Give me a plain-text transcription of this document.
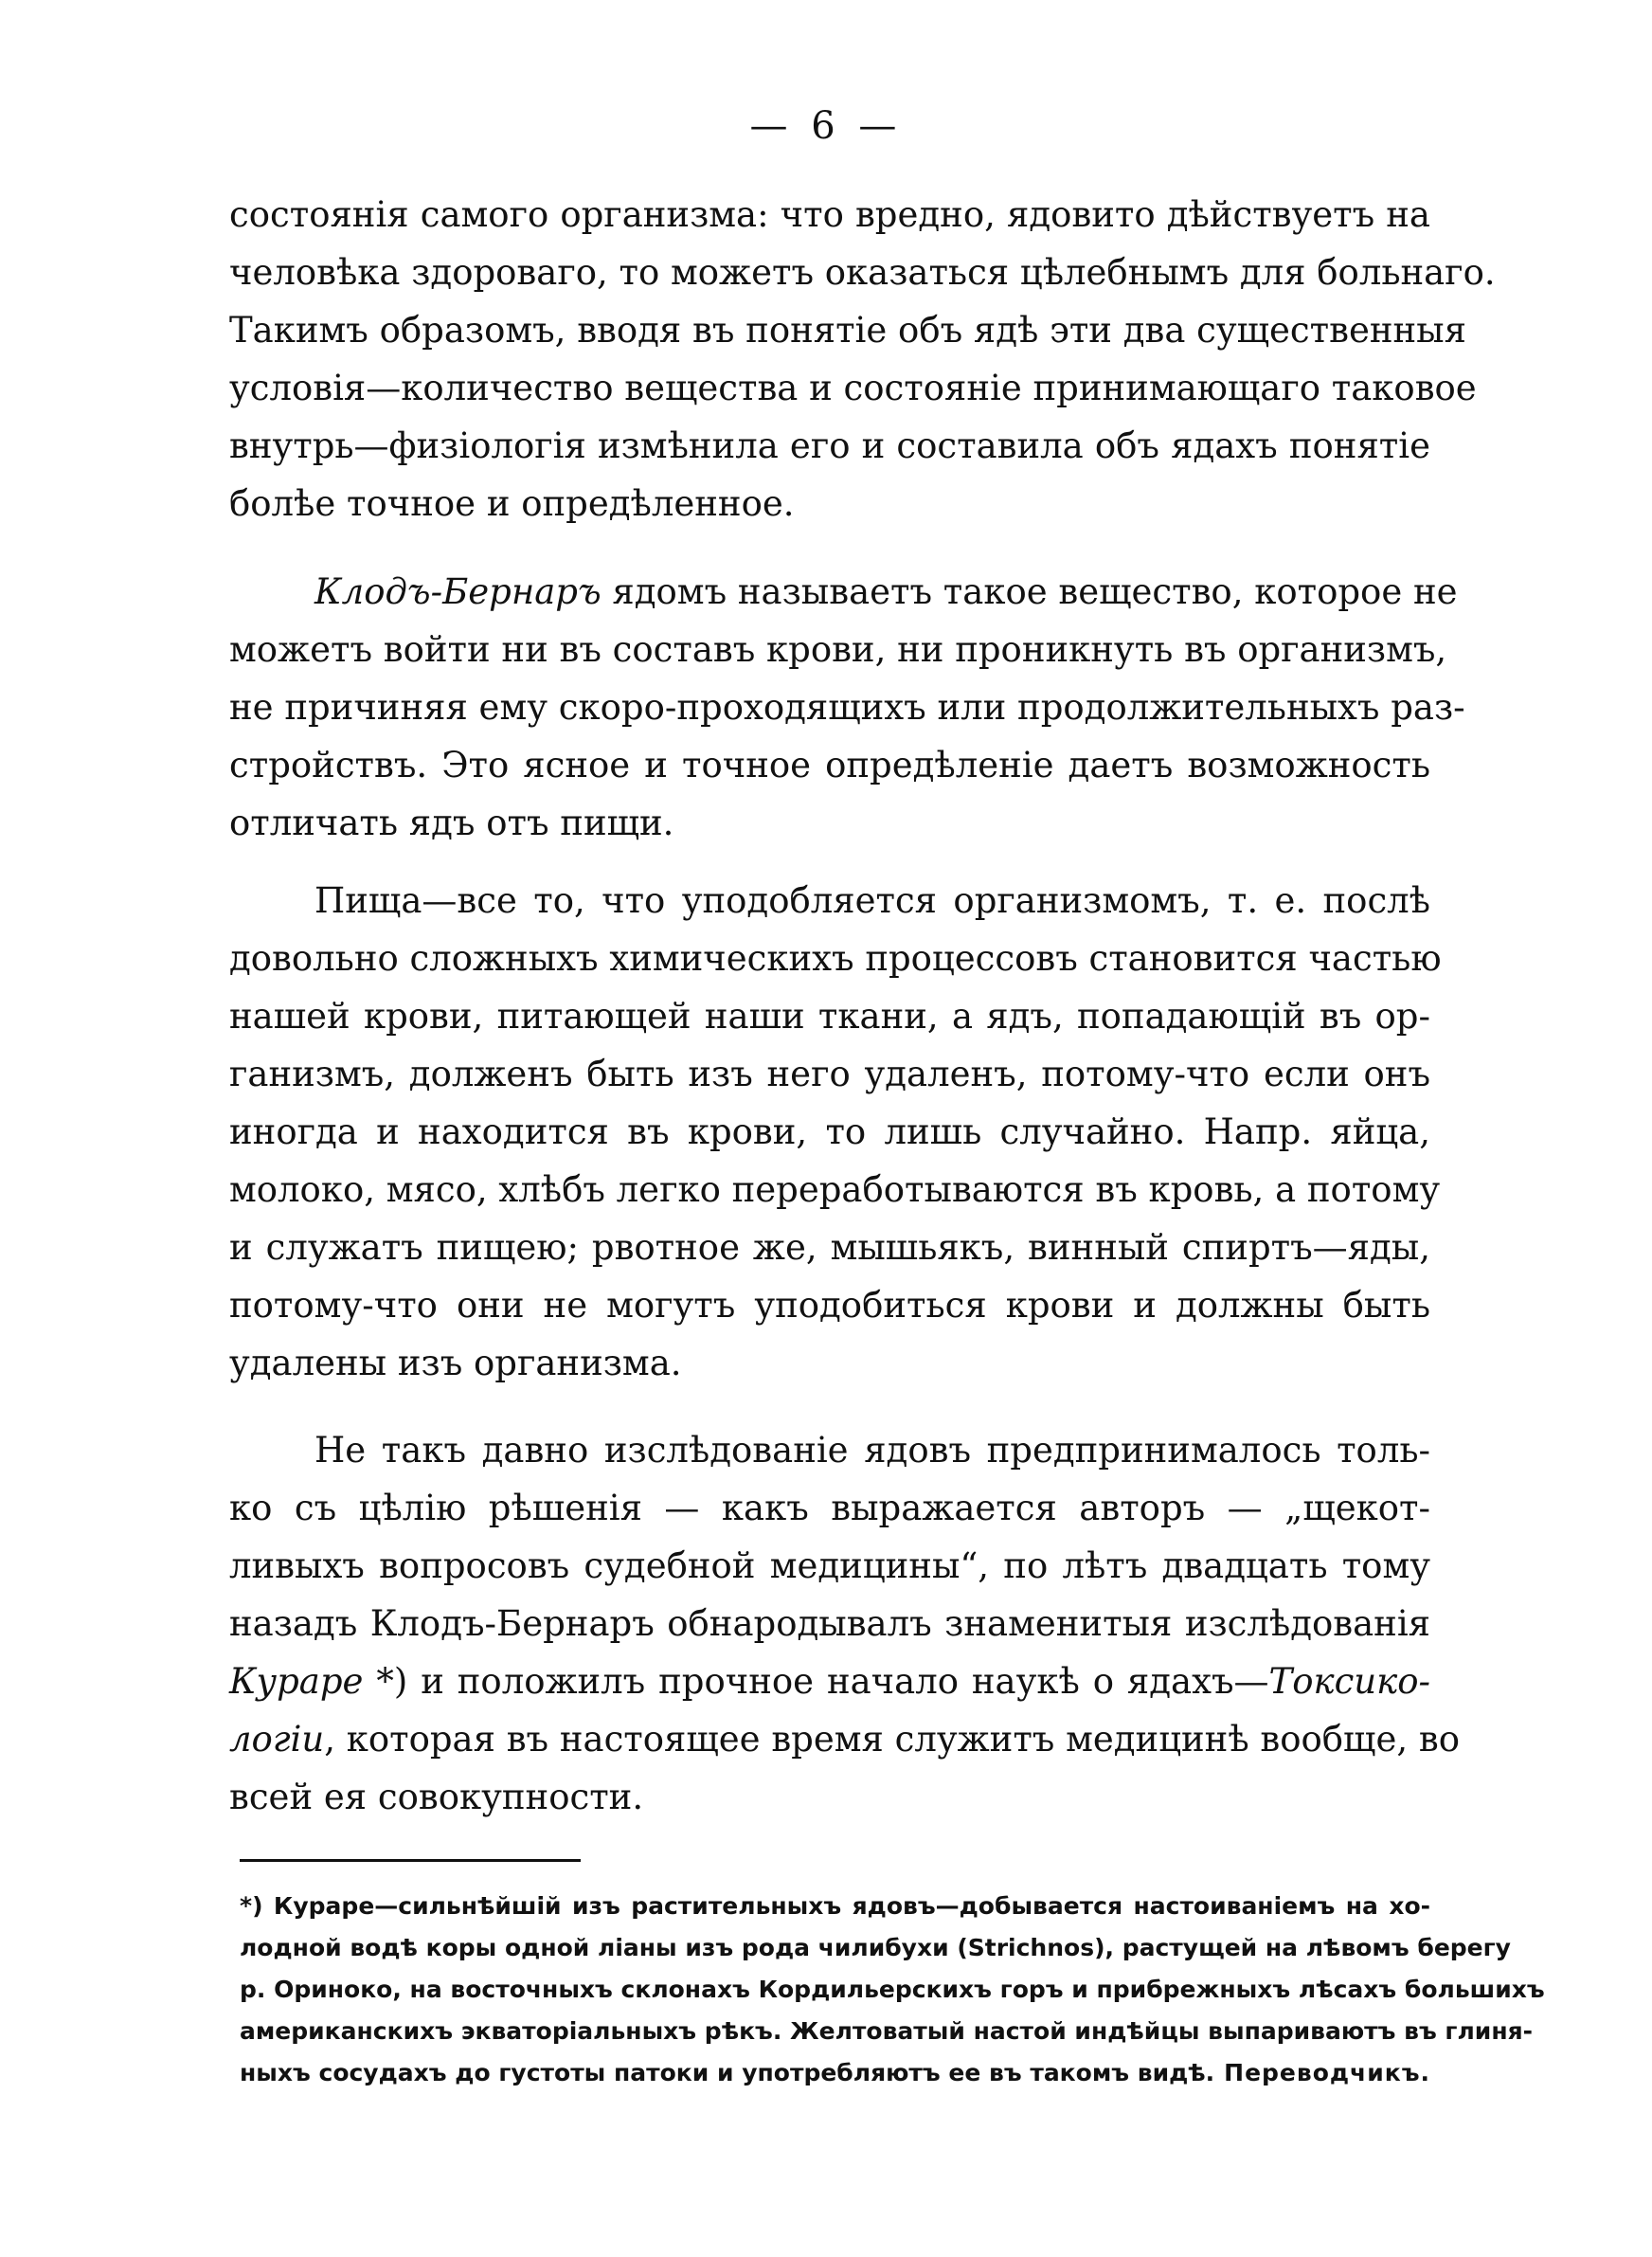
— 6 —

состоянія самого организма: что вредно, ядовито дѣйствуетъ на
человѣка здороваго, то можетъ оказаться цѣлебнымъ для больнаго.
Такимъ образомъ, вводя въ понятіе объ ядѣ эти два существенныя
условія—количество вещества и состояніе принимающаго таковое
внутрь—физіологія измѣнила его и составила объ ядахъ понятіе
болѣе точное и опредѣленное.

Клодъ-Бернаръ ядомъ называетъ такое вещество, которое не
можетъ войти ни въ составъ крови, ни проникнуть въ организмъ,
не причиняя ему скоро-проходящихъ или продолжительныхъ раз-
стройствъ. Это ясное и точное опредѣленіе даетъ возможность
отличать ядъ отъ пищи.

Пища—все то, что уподобляется организмомъ, т. е. послѣ
довольно сложныхъ химическихъ процессовъ становится частью
нашей крови, питающей наши ткани, а ядъ, попадающій въ ор-
ганизмъ, долженъ быть изъ него удаленъ, потому-что если онъ
иногда и находится въ крови, то лишь случайно. Напр. яйца,
молоко, мясо, хлѣбъ легко переработываются въ кровь, а потому
и служатъ пищею; рвотное же, мышьякъ, винный спиртъ—яды,
потому-что они не могутъ уподобиться крови и должны быть
удалены изъ организма.

Не такъ давно изслѣдованіе ядовъ предпринималось толь-
ко съ цѣлію рѣшенія — какъ выражается авторъ — „щекот-
ливыхъ вопросовъ судебной медицины“, по лѣтъ двадцать тому
назадъ Клодъ-Бернаръ обнародывалъ знаменитыя изслѣдованія
Кураре *) и положилъ прочное начало наукѣ о ядахъ—Токсико-
логіи, которая въ настоящее время служитъ медицинѣ вообще, во
всей ея совокупности.

*) Кураре—сильнѣйшій изъ растительныхъ ядовъ—добывается настоиваніемъ на хо-
лодной водѣ коры одной ліаны изъ рода чилибухи (Strichnos), растущей на лѣвомъ берегу
р. Ориноко, на восточныхъ склонахъ Кордильерскихъ горъ и прибрежныхъ лѣсахъ большихъ
американскихъ экваторіальныхъ рѣкъ. Желтоватый настой индѣйцы выпариваютъ въ глиня-
ныхъ сосудахъ до густоты патоки и употребляютъ ее въ такомъ видѣ. Переводчикъ.
